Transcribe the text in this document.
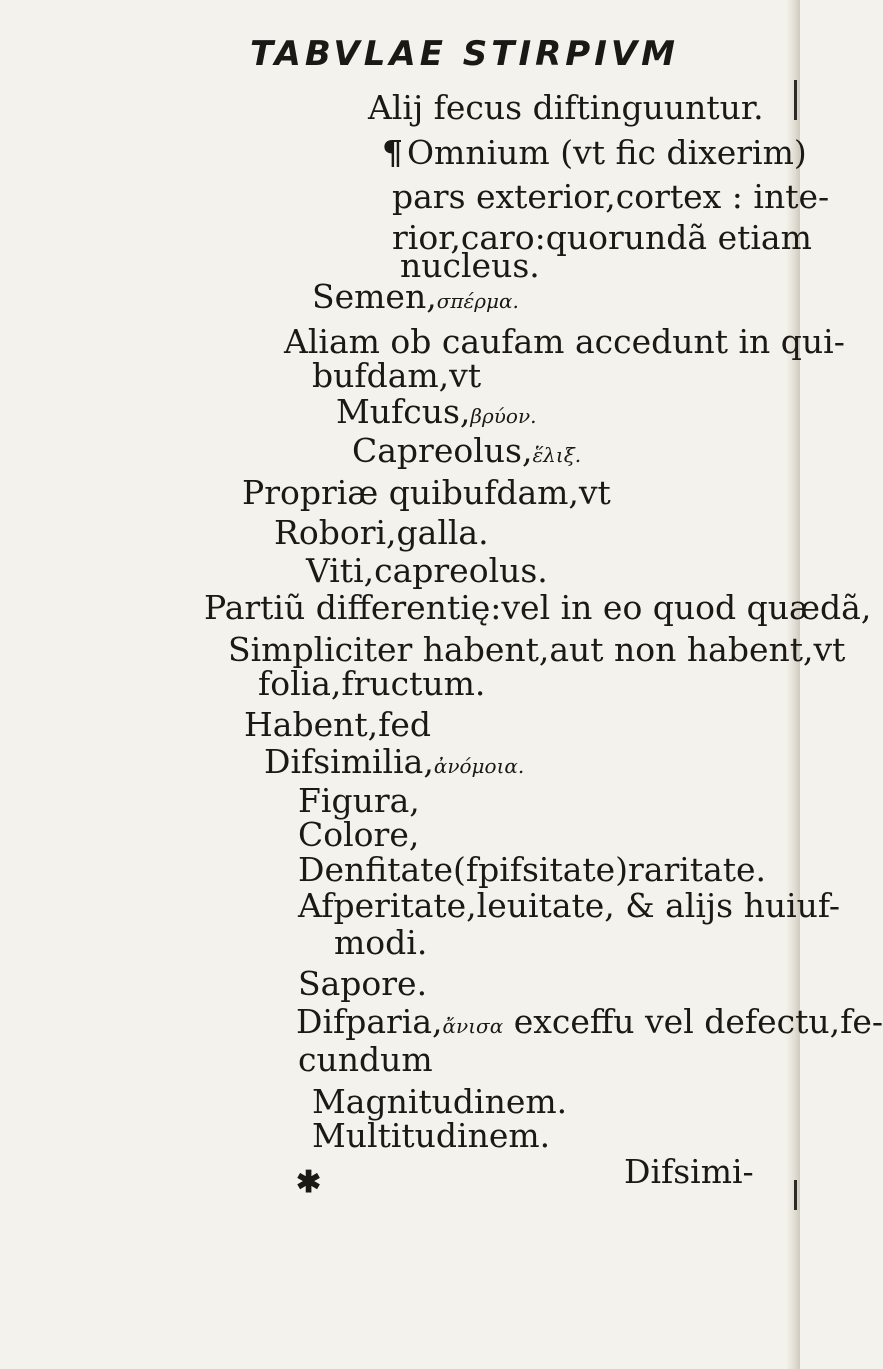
TABVLAE STIRPIVM
Alij fecus diftinguuntur.
¶ Omnium (vt fic dixerim)
pars exterior,cortex : inte-
rior,caro:quorundã etiam
nucleus.
Semen,σπέρμα.
Aliam ob caufam accedunt in qui-
bufdam,vt
Mufcus,βρύον.
Capreolus,ἕλιξ.
Propriæ quibufdam,vt
Robori,galla.
Viti,capreolus.
Partiũ differentię:vel in eo quod quædã,
Simpliciter habent,aut non habent,vt
folia,fructum.
Habent,fed
Difsimilia,ἀνόμοια.
Figura,
Colore,
Denfitate(fpifsitate)raritate.
Afperitate,leuitate, & alijs huiuf-
modi.
Sapore.
Difparia,ἄνισα exceffu vel defectu,fe-
cundum
Magnitudinem.
Multitudinem.
✱	Difsimi-
